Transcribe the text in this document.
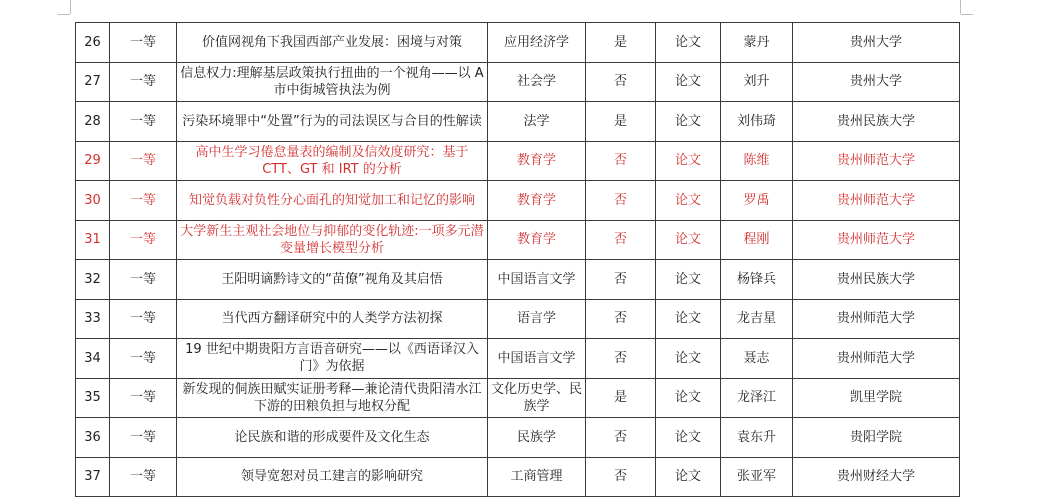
26	一等	价值网视角下我国西部产业发展：困境与对策	应用经济学	是	论文	蒙丹	贵州大学
27	一等	信息权力:理解基层政策执行扭曲的一个视角——以 A 市中街城管执法为例	社会学	否	论文	刘升	贵州大学
28	一等	污染环境罪中“处置”行为的司法误区与合目的性解读	法学	是	论文	刘伟琦	贵州民族大学
29	一等	高中生学习倦怠量表的编制及信效度研究：基于 CTT、GT 和 IRT 的分析	教育学	否	论文	陈维	贵州师范大学
30	一等	知觉负载对负性分心面孔的知觉加工和记忆的影响	教育学	否	论文	罗禹	贵州师范大学
31	一等	大学新生主观社会地位与抑郁的变化轨迹:一项多元潜变量增长模型分析	教育学	否	论文	程刚	贵州师范大学
32	一等	王阳明谪黔诗文的“苗僚”视角及其启悟	中国语言文学	否	论文	杨锋兵	贵州民族大学
33	一等	当代西方翻译研究中的人类学方法初探	语言学	否	论文	龙吉星	贵州师范大学
34	一等	19 世纪中期贵阳方言语音研究——以《西语译汉入门》为依据	中国语言文学	否	论文	聂志	贵州师范大学
35	一等	新发现的侗族田赋实证册考释—兼论清代贵阳清水江下游的田粮负担与地权分配	文化历史学、民族学	是	论文	龙泽江	凯里学院
36	一等	论民族和谐的形成要件及文化生态	民族学	否	论文	袁东升	贵阳学院
37	一等	领导宽恕对员工建言的影响研究	工商管理	否	论文	张亚军	贵州财经大学
